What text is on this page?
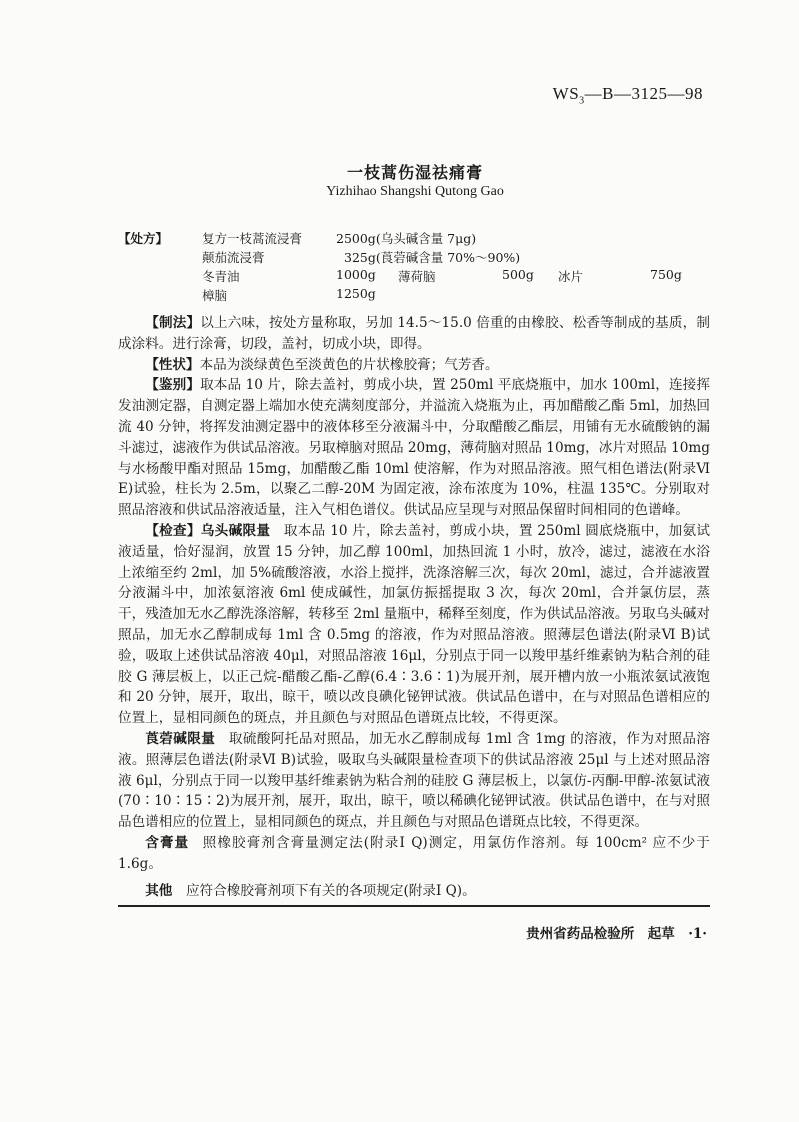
$WS_3—B—3125—98$
一枝蒿伤湿祛痛膏
Yizhihao Shangshi Qutong Gao
【处方】	复方一枝蒿流浸膏	2500g(乌头碱含量 7μg)
颠茄流浸膏	325g(莨菪碱含量 70%～90%)
冬青油	1000g 薄荷脑	500g 冰片	750g
樟脑	1250g

【制法】以上六味，按处方量称取，另加 14.5～15.0 倍重的由橡胶、松香等制成的基质，制成涂料。进行涂膏，切段，盖衬，切成小块，即得。

【性状】本品为淡绿黄色至淡黄色的片状橡胶膏；气芳香。

【鉴别】取本品 10 片，除去盖衬，剪成小块，置 250ml 平底烧瓶中，加水 100ml，连接挥发油测定器，自测定器上端加水使充满刻度部分，并溢流入烧瓶为止，再加醋酸乙酯 5ml，加热回流 40 分钟，将挥发油测定器中的液体移至分液漏斗中，分取醋酸乙酯层，用铺有无水硫酸钠的漏斗滤过，滤液作为供试品溶液。另取樟脑对照品 20mg，薄荷脑对照品 10mg，冰片对照品 10mg 与水杨酸甲酯对照品 15mg，加醋酸乙酯 10ml 使溶解，作为对照品溶液。照气相色谱法(附录Ⅵ E)试验，柱长为 2.5m，以聚乙二醇-20M 为固定液，涂布浓度为 10%，柱温 135℃。分别取对照品溶液和供试品溶液适量，注入气相色谱仪。供试品应呈现与对照品保留时间相同的色谱峰。

【检查】乌头碱限量 取本品 10 片，除去盖衬，剪成小块，置 250ml 圆底烧瓶中，加氨试液适量，恰好湿润，放置 15 分钟，加乙醇 100ml，加热回流 1 小时，放冷，滤过，滤液在水浴上浓缩至约 2ml，加 5%硫酸溶液，水浴上搅拌，洗涤溶解三次，每次 20ml，滤过，合并滤液置分液漏斗中，加浓氨溶液 6ml 使成碱性，加氯仿振摇提取 3 次，每次 20ml，合并氯仿层，蒸干，残渣加无水乙醇洗涤溶解，转移至 2ml 量瓶中，稀释至刻度，作为供试品溶液。另取乌头碱对照品，加无水乙醇制成每 1ml 含 0.5mg 的溶液，作为对照品溶液。照薄层色谱法(附录Ⅵ B)试验，吸取上述供试品溶液 40μl，对照品溶液 16μl，分别点于同一以羧甲基纤维素钠为粘合剂的硅胶 G 薄层板上，以正己烷-醋酸乙酯-乙醇(6.4∶3.6∶1)为展开剂，展开槽内放一小瓶浓氨试液饱和 20 分钟，展开，取出，晾干，喷以改良碘化铋钾试液。供试品色谱中，在与对照品色谱相应的位置上，显相同颜色的斑点，并且颜色与对照品色谱斑点比较，不得更深。

莨菪碱限量 取硫酸阿托品对照品，加无水乙醇制成每 1ml 含 1mg 的溶液，作为对照品溶液。照薄层色谱法(附录Ⅵ B)试验，吸取乌头碱限量检查项下的供试品溶液 25μl 与上述对照品溶液 6μl，分别点于同一以羧甲基纤维素钠为粘合剂的硅胶 G 薄层板上，以氯仿-丙酮-甲醇-浓氨试液(70∶10∶15∶2)为展开剂，展开，取出，晾干，喷以稀碘化铋钾试液。供试品色谱中，在与对照品色谱相应的位置上，显相同颜色的斑点，并且颜色与对照品色谱斑点比较，不得更深。

含膏量 照橡胶膏剂含膏量测定法(附录Ⅰ Q)测定，用氯仿作溶剂。每 100cm² 应不少于 1.6g。

其他 应符合橡胶膏剂项下有关的各项规定(附录Ⅰ Q)。

贵州省药品检验所　起草　·1·
